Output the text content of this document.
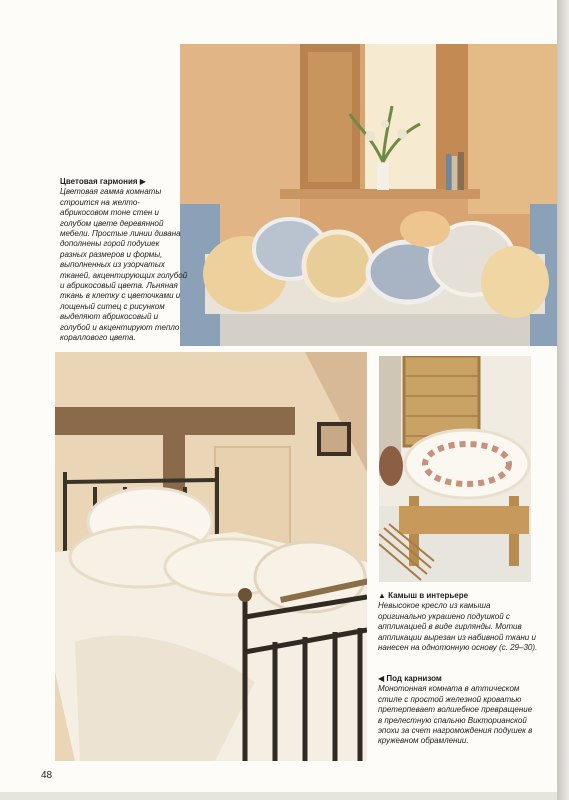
Цветовая гармония ▶
Цветовая гамма комнаты строится на желто-абрикосовом тоне стен и голубом цвете деревянной мебели. Простые линии дивана дополнены горой подушек разных размеров и формы, выполненных из узорчатых тканей, акцентирующих голубой и абрикосовый цвета. Льняная ткань в клетку с цветочками и лощеный ситец с рисунком выделяют абрикосовый и голубой и акцентируют тепло кораллового цвета.
▲ Камыш в интерьере
Невысокое кресло из камыша оригинально украшено подушкой с аппликацией в виде гирлянды. Мотив аппликации вырезан из набивной ткани и нанесен на однотонную основу (с. 29–30).
◀ Под карнизом
Монотонная комната в аттическом стиле с простой железной кроватью претерпевает волшебное превращение в прелестную спальню Викторианской эпохи за счет нагромождения подушек в кружевном обрамлении.
48
